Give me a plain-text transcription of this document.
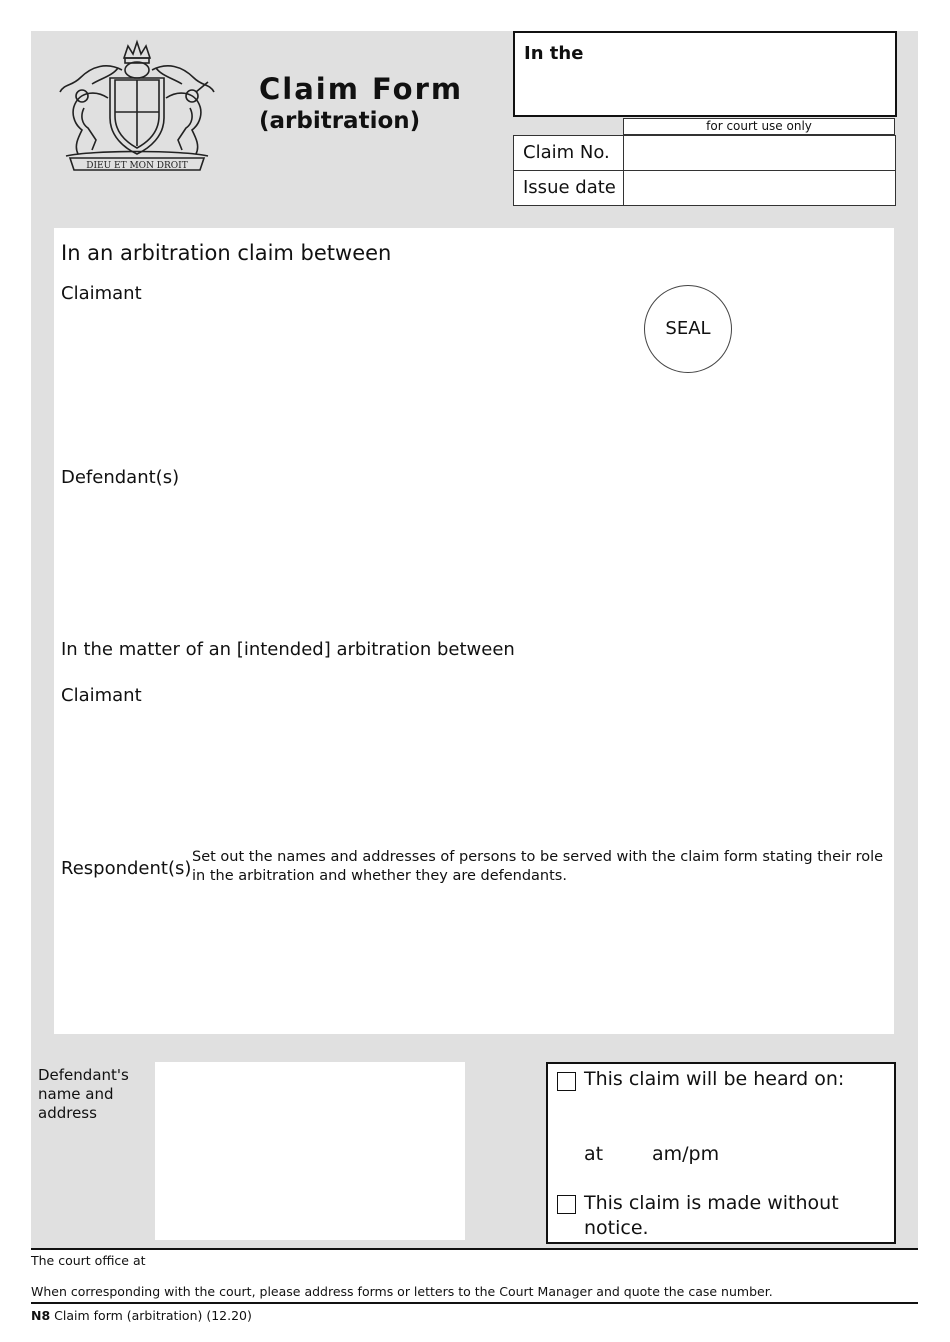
DIEU ET MON DROIT
Claim Form
(arbitration)
In the
for court use only
Claim No.
Issue date
In an arbitration claim between
Claimant
SEAL
Defendant(s)
In the matter of an [intended] arbitration between
Claimant
Respondent(s)
Set out the names and addresses of persons to be served with the claim form stating their role in the arbitration and whether they are defendants.
Defendant's name and address
This claim will be heard on:
at	am/pm
This claim is made without notice.
The court office at
When corresponding with the court, please address forms or letters to the Court Manager and quote the case number.
N8 Claim form (arbitration) (12.20)
